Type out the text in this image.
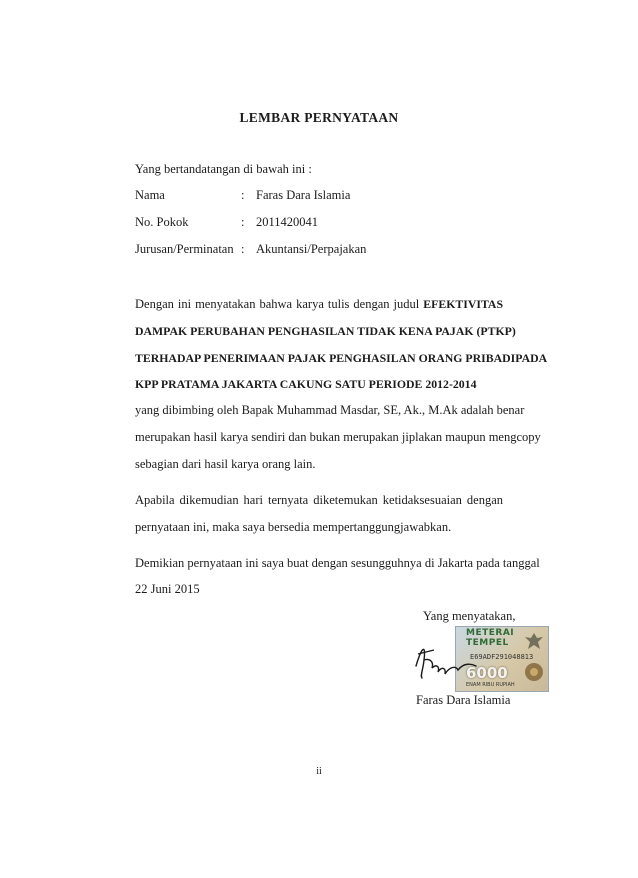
LEMBAR PERNYATAAN
Yang bertandatangan di bawah ini :
Nama	: Faras Dara Islamia
No. Pokok	: 2011420041
Jurusan/Perminatan : Akuntansi/Perpajakan
Dengan ini menyatakan bahwa karya tulis dengan judul EFEKTIVITAS
DAMPAK PERUBAHAN PENGHASILAN TIDAK KENA PAJAK (PTKP)
TERHADAP PENERIMAAN PAJAK PENGHASILAN ORANG PRIBADIPADA
KPP PRATAMA JAKARTA CAKUNG SATU PERIODE 2012-2014
yang dibimbing oleh Bapak Muhammad Masdar, SE, Ak., M.Ak adalah benar
merupakan hasil karya sendiri dan bukan merupakan jiplakan maupun mengcopy
sebagian dari hasil karya orang lain.
Apabila dikemudian hari ternyata diketemukan ketidaksesuaian dengan
pernyataan ini, maka saya bersedia mempertanggungjawabkan.
Demikian pernyataan ini saya buat dengan sesungguhnya di Jakarta pada tanggal
22 Juni 2015
Yang menyatakan,
METERAI
TEMPEL
E69ADF291048813
6000
ENAM RIBU RUPIAH
Faras Dara Islamia
ii
